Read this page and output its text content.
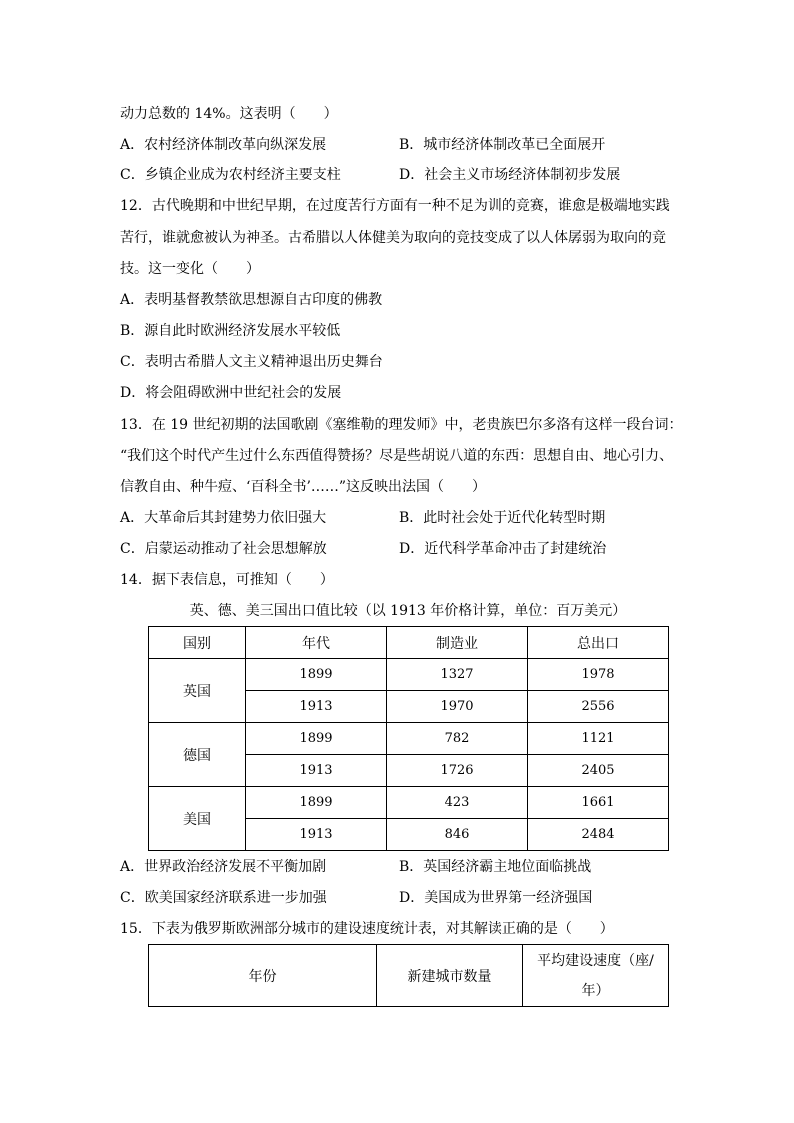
动力总数的 14%。这表明（　　）
A．农村经济体制改革向纵深发展	B．城市经济体制改革已全面展开
C．乡镇企业成为农村经济主要支柱	D．社会主义市场经济体制初步发展
12．古代晚期和中世纪早期，在过度苦行方面有一种不足为训的竞赛，谁愈是极端地实践
苦行，谁就愈被认为神圣。古希腊以人体健美为取向的竞技变成了以人体孱弱为取向的竞
技。这一变化（　　）
A．表明基督教禁欲思想源自古印度的佛教
B．源自此时欧洲经济发展水平较低
C．表明古希腊人文主义精神退出历史舞台
D．将会阻碍欧洲中世纪社会的发展
13．在 19 世纪初期的法国歌剧《塞维勒的理发师》中，老贵族巴尔多洛有这样一段台词：
“我们这个时代产生过什么东西值得赞扬？尽是些胡说八道的东西：思想自由、地心引力、
信教自由、种牛痘、‘百科全书’……”这反映出法国（　　）
A．大革命后其封建势力依旧强大	B．此时社会处于近代化转型时期
C．启蒙运动推动了社会思想解放	D．近代科学革命冲击了封建统治
14．据下表信息，可推知（　　）
英、德、美三国出口值比较（以 1913 年价格计算，单位：百万美元）
国别	年代	制造业	总出口
英国	1899	1327	1978
	1913	1970	2556
德国	1899	782	1121
	1913	1726	2405
美国	1899	423	1661
	1913	846	2484
A．世界政治经济发展不平衡加剧	B．英国经济霸主地位面临挑战
C．欧美国家经济联系进一步加强	D．美国成为世界第一经济强国
15．下表为俄罗斯欧洲部分城市的建设速度统计表，对其解读正确的是（　　）
年份	新建城市数量	平均建设速度（座/
年）
